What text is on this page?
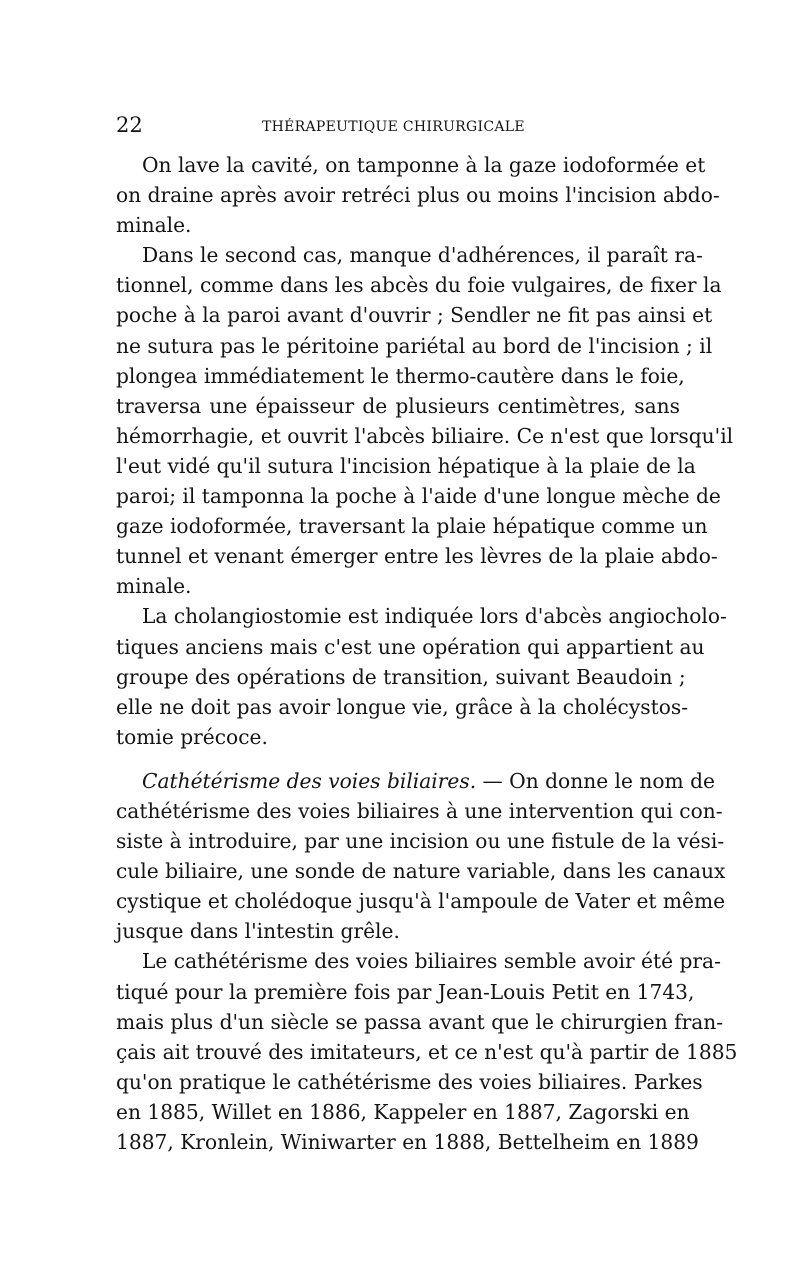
22	THÉRAPEUTIQUE CHIRURGICALE
On lave la cavité, on tamponne à la gaze iodoformée et
on draine après avoir retréci plus ou moins l'incision abdo-
minale.
Dans le second cas, manque d'adhérences, il paraît ra-
tionnel, comme dans les abcès du foie vulgaires, de fixer la
poche à la paroi avant d'ouvrir ; Sendler ne fit pas ainsi et
ne sutura pas le péritoine pariétal au bord de l'incision ; il
plongea immédiatement le thermo-cautère dans le foie,
traversa une épaisseur de plusieurs centimètres, sans
hémorrhagie, et ouvrit l'abcès biliaire. Ce n'est que lorsqu'il
l'eut vidé qu'il sutura l'incision hépatique à la plaie de la
paroi; il tamponna la poche à l'aide d'une longue mèche de
gaze iodoformée, traversant la plaie hépatique comme un
tunnel et venant émerger entre les lèvres de la plaie abdo-
minale.
La cholangiostomie est indiquée lors d'abcès angiocholo-
tiques anciens mais c'est une opération qui appartient au
groupe des opérations de transition, suivant Beaudoin ;
elle ne doit pas avoir longue vie, grâce à la cholécystos-
tomie précoce.
Cathétérisme des voies biliaires. — On donne le nom de
cathétérisme des voies biliaires à une intervention qui con-
siste à introduire, par une incision ou une fistule de la vési-
cule biliaire, une sonde de nature variable, dans les canaux
cystique et cholédoque jusqu'à l'ampoule de Vater et même
jusque dans l'intestin grêle.
Le cathétérisme des voies biliaires semble avoir été pra-
tiqué pour la première fois par Jean-Louis Petit en 1743,
mais plus d'un siècle se passa avant que le chirurgien fran-
çais ait trouvé des imitateurs, et ce n'est qu'à partir de 1885
qu'on pratique le cathétérisme des voies biliaires. Parkes
en 1885, Willet en 1886, Kappeler en 1887, Zagorski en
1887, Kronlein, Winiwarter en 1888, Bettelheim en 1889
